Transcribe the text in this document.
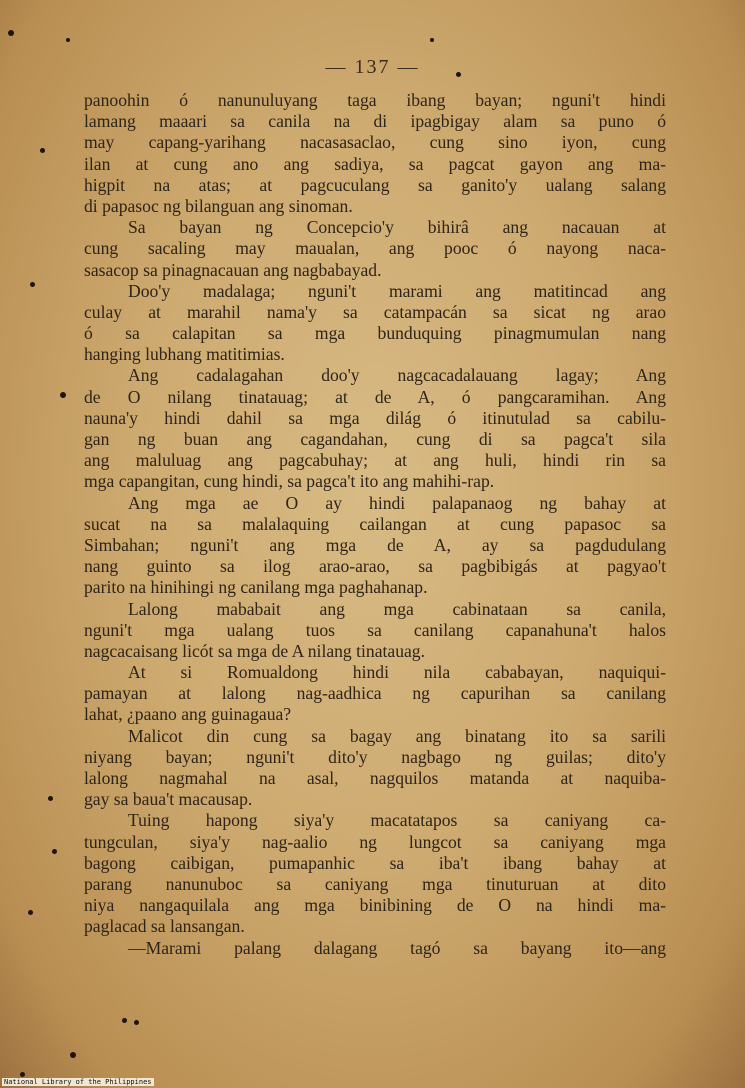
— 137 —
panoohin ó nanunuluyang taga ibang bayan; nguni't hindi
lamang maaari sa canila na di ipagbigay alam sa puno ó
may capang-yarihang nacasasaclao, cung sino iyon, cung
ilan at cung ano ang sadiya, sa pagcat gayon ang ma-
higpit na atas; at pagcuculang sa ganito'y ualang salang
di papasoc ng bilanguan ang sinoman.
Sa bayan ng Concepcio'y bihirâ ang nacauan at
cung sacaling may maualan, ang pooc ó nayong naca-
sasacop sa pinagnacauan ang nagbabayad.
Doo'y madalaga; nguni't marami ang matitincad ang
culay at marahil nama'y sa catampacán sa sicat ng arao
ó sa calapitan sa mga bunduquing pinagmumulan nang
hanging lubhang matitimias.
Ang cadalagahan doo'y nagcacadalauang lagay; Ang
de O nilang tinatauag; at de A, ó pangcaramihan. Ang
nauna'y hindi dahil sa mga dilág ó itinutulad sa cabilu-
gan ng buan ang cagandahan, cung di sa pagca't sila
ang maluluag ang pagcabuhay; at ang huli, hindi rin sa
mga capangitan, cung hindi, sa pagca't ito ang mahihi-rap.
Ang mga ae O ay hindi palapanaog ng bahay at
sucat na sa malalaquing cailangan at cung papasoc sa
Simbahan; nguni't ang mga de A, ay sa pagdudulang
nang guinto sa ilog arao-arao, sa pagbibigás at pagyao't
parito na hinihingi ng canilang mga paghahanap.
Lalong mababait ang mga cabinataan sa canila,
nguni't mga ualang tuos sa canilang capanahuna't halos
nagcacaisang licót sa mga de A nilang tinatauag.
At si Romualdong hindi nila cababayan, naquiqui-
pamayan at lalong nag-aadhica ng capurihan sa canilang
lahat, ¿paano ang guinagaua?
Malicot din cung sa bagay ang binatang ito sa sarili
niyang bayan; nguni't dito'y nagbago ng guilas; dito'y
lalong nagmahal na asal, nagquilos matanda at naquiba-
gay sa baua't macausap.
Tuing hapong siya'y macatatapos sa caniyang ca-
tungculan, siya'y nag-aalio ng lungcot sa caniyang mga
bagong caibigan, pumapanhic sa iba't ibang bahay at
parang nanunuboc sa caniyang mga tinuturuan at dito
niya nangaquilala ang mga binibining de O na hindi ma-
paglacad sa lansangan.
—Marami palang dalagang tagó sa bayang ito—ang
National Library of the Philippines
